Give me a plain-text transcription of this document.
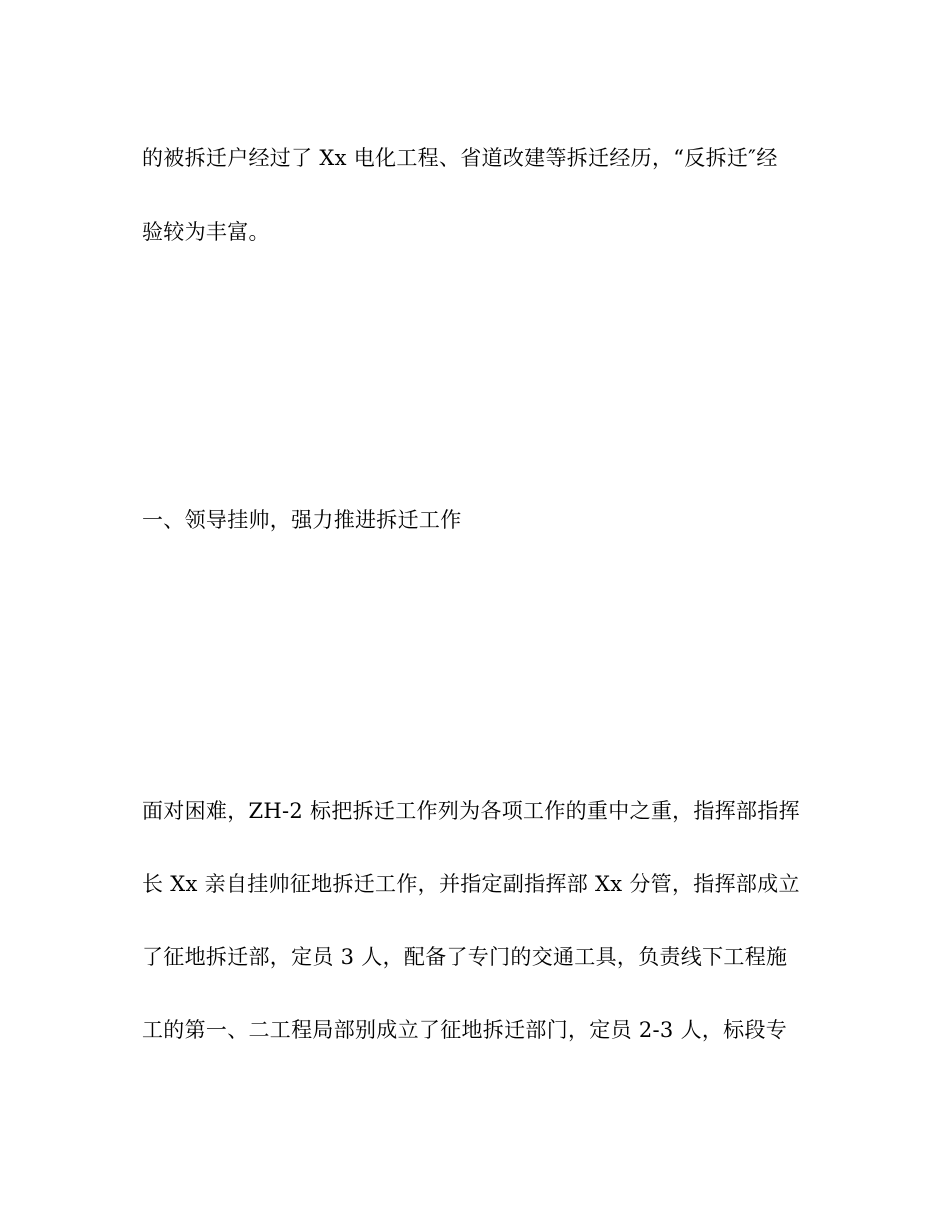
的被拆迁户经过了 Xx 电化工程、省道改建等拆迁经历，“反拆迁″经
验较为丰富。
一、领导挂帅，强力推进拆迁工作
面对困难，ZH-2 标把拆迁工作列为各项工作的重中之重，指挥部指挥
长 Xx 亲自挂帅征地拆迁工作，并指定副指挥部 Xx 分管，指挥部成立
了征地拆迁部，定员 3 人，配备了专门的交通工具，负责线下工程施
工的第一、二工程局部别成立了征地拆迁部门，定员 2-3 人，标段专
